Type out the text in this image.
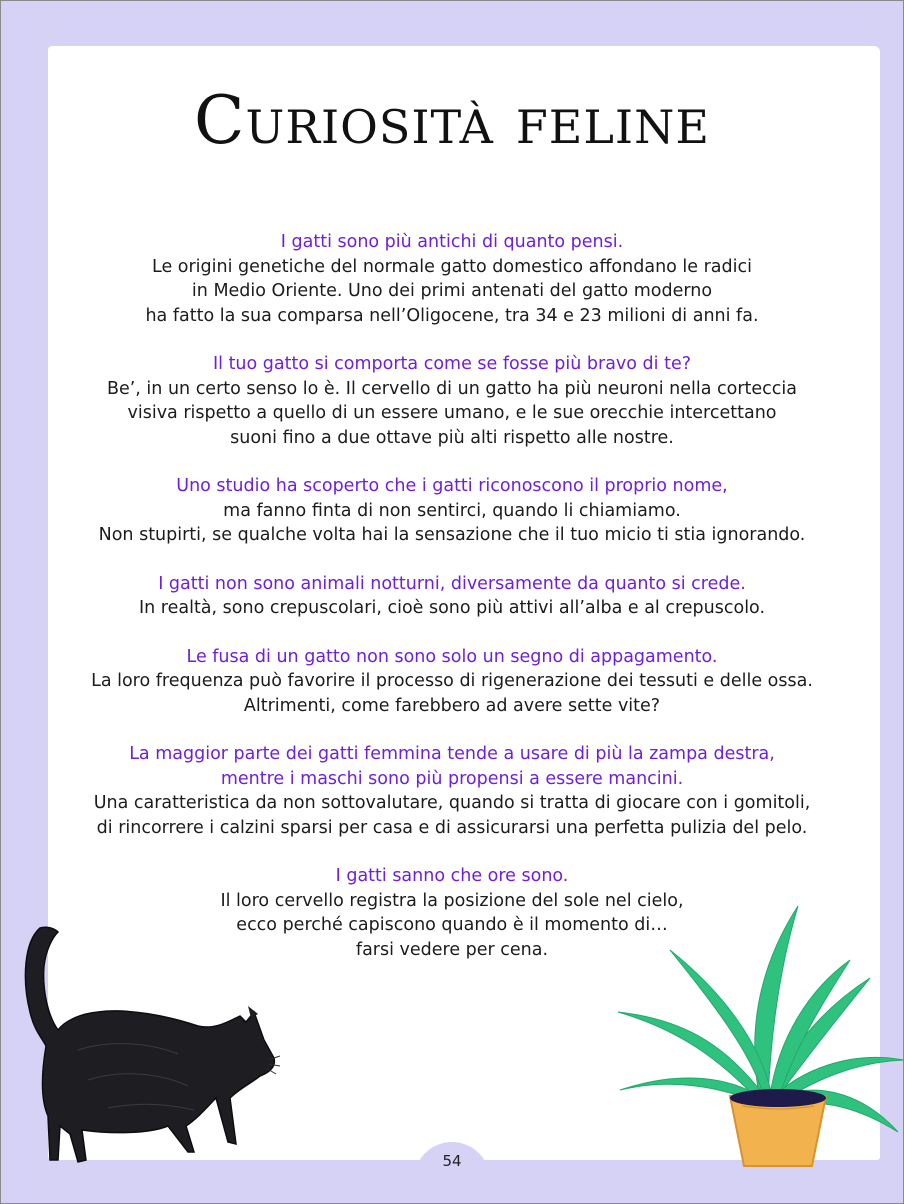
Curiosità feline

I gatti sono più antichi di quanto pensi.

Le origini genetiche del normale gatto domestico affondano le radici

in Medio Oriente. Uno dei primi antenati del gatto moderno

ha fatto la sua comparsa nell’Oligocene, tra 34 e 23 milioni di anni fa.

Il tuo gatto si comporta come se fosse più bravo di te?

Be’, in un certo senso lo è. Il cervello di un gatto ha più neuroni nella corteccia

visiva rispetto a quello di un essere umano, e le sue orecchie intercettano

suoni fino a due ottave più alti rispetto alle nostre.

Uno studio ha scoperto che i gatti riconoscono il proprio nome,

ma fanno finta di non sentirci, quando li chiamiamo.

Non stupirti, se qualche volta hai la sensazione che il tuo micio ti stia ignorando.

I gatti non sono animali notturni, diversamente da quanto si crede.

In realtà, sono crepuscolari, cioè sono più attivi all’alba e al crepuscolo.

Le fusa di un gatto non sono solo un segno di appagamento.

La loro frequenza può favorire il processo di rigenerazione dei tessuti e delle ossa.

Altrimenti, come farebbero ad avere sette vite?

La maggior parte dei gatti femmina tende a usare di più la zampa destra,

mentre i maschi sono più propensi a essere mancini.

Una caratteristica da non sottovalutare, quando si tratta di giocare con i gomitoli,

di rincorrere i calzini sparsi per casa e di assicurarsi una perfetta pulizia del pelo.

I gatti sanno che ore sono.

Il loro cervello registra la posizione del sole nel cielo,

ecco perché capiscono quando è il momento di…

farsi vedere per cena.

54
